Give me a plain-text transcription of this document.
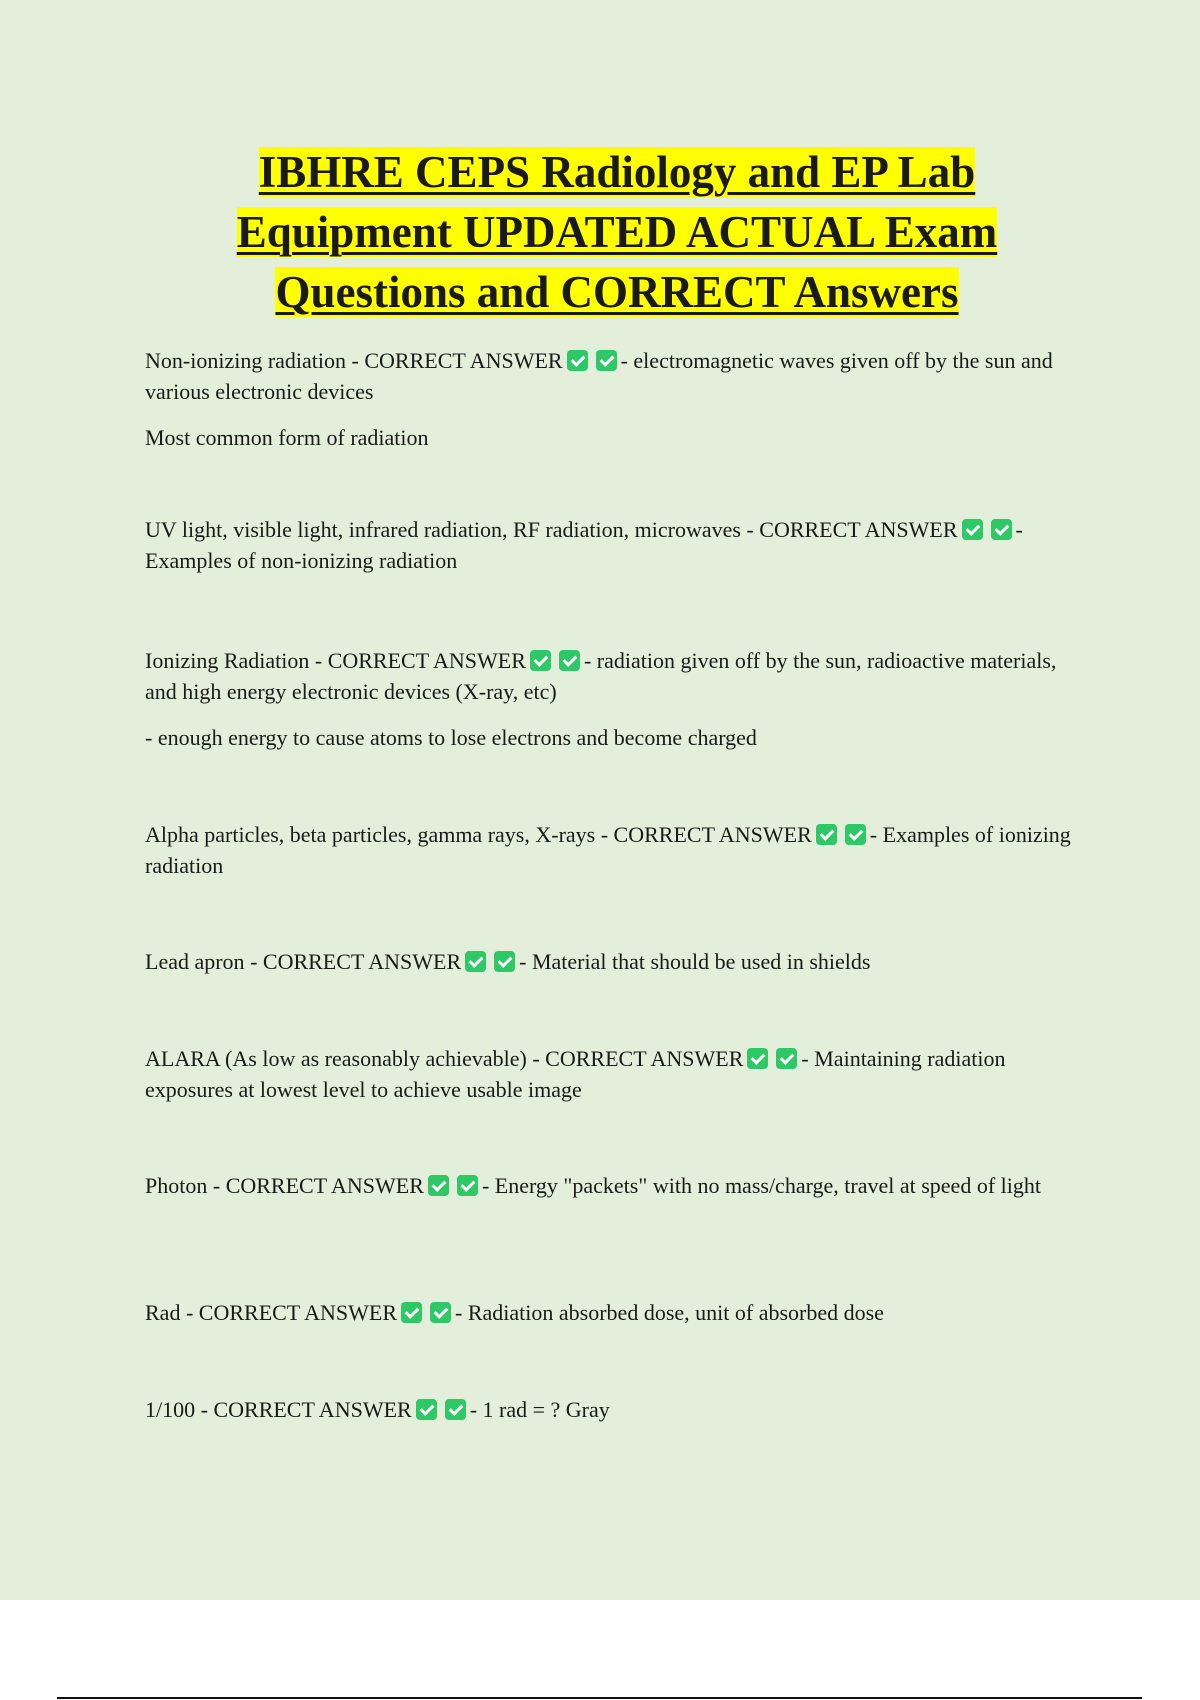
IBHRE CEPS Radiology and EP Lab Equipment UPDATED ACTUAL Exam Questions and CORRECT Answers

Non-ionizing radiation - CORRECT ANSWER	- electromagnetic waves given off by the sun and various electronic devices

Most common form of radiation

UV light, visible light, infrared radiation, RF radiation, microwaves - CORRECT ANSWER	- Examples of non-ionizing radiation

Ionizing Radiation - CORRECT ANSWER	- radiation given off by the sun, radioactive materials, and high energy electronic devices (X-ray, etc)

- enough energy to cause atoms to lose electrons and become charged

Alpha particles, beta particles, gamma rays, X-rays - CORRECT ANSWER	- Examples of ionizing radiation

Lead apron - CORRECT ANSWER	- Material that should be used in shields

ALARA (As low as reasonably achievable) - CORRECT ANSWER	- Maintaining radiation exposures at lowest level to achieve usable image

Photon - CORRECT ANSWER	- Energy "packets" with no mass/charge, travel at speed of light

Rad - CORRECT ANSWER	- Radiation absorbed dose, unit of absorbed dose

1/100 - CORRECT ANSWER	- 1 rad = ? Gray
